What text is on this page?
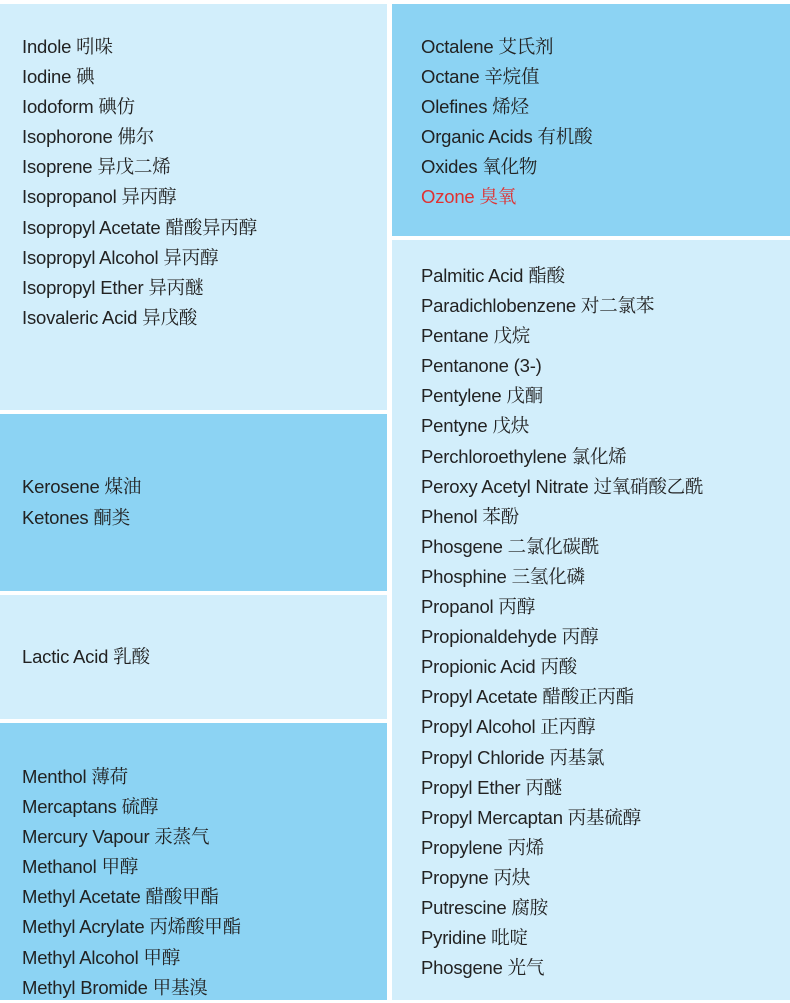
Indole 吲哚
Iodine 碘
Iodoform 碘仿
Isophorone 佛尔
Isoprene 异戊二烯
Isopropanol 异丙醇
Isopropyl Acetate 醋酸异丙醇
Isopropyl Alcohol 异丙醇
Isopropyl Ether 异丙醚
Isovaleric Acid 异戊酸
Kerosene 煤油
Ketones 酮类
Lactic Acid 乳酸
Menthol 薄荷
Mercaptans 硫醇
Mercury Vapour 汞蒸气
Methanol 甲醇
Methyl Acetate 醋酸甲酯
Methyl Acrylate 丙烯酸甲酯
Methyl Alcohol 甲醇
Methyl Bromide 甲基溴
Octalene 艾氏剂
Octane 辛烷值
Olefines 烯烃
Organic Acids 有机酸
Oxides 氧化物
Ozone 臭氧
Palmitic Acid 酯酸
Paradichlobenzene 对二氯苯
Pentane 戊烷
Pentanone (3-)
Pentylene 戊酮
Pentyne 戊炔
Perchloroethylene 氯化烯
Peroxy Acetyl Nitrate 过氧硝酸乙酰
Phenol 苯酚
Phosgene 二氯化碳酰
Phosphine 三氢化磷
Propanol 丙醇
Propionaldehyde 丙醇
Propionic Acid 丙酸
Propyl Acetate 醋酸正丙酯
Propyl Alcohol 正丙醇
Propyl Chloride 丙基氯
Propyl Ether 丙醚
Propyl Mercaptan 丙基硫醇
Propylene 丙烯
Propyne 丙炔
Putrescine 腐胺
Pyridine 吡啶
Phosgene 光气
